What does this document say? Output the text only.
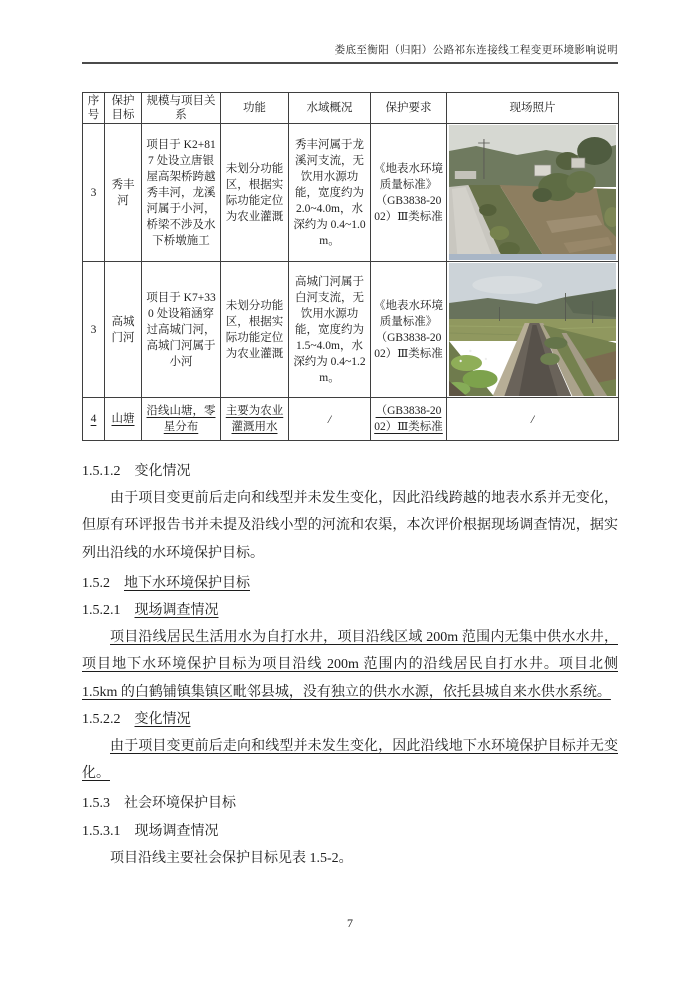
娄底至衡阳（归阳）公路祁东连接线工程变更环境影响说明
序号	保护目标	规模与项目关系	功能	水域概况	保护要求	现场照片
3	秀丰河	项目于 K2+817 处设立唐银屋高架桥跨越秀丰河，龙溪河属于小河，桥梁不涉及水下桥墩施工	未划分功能区，根据实际功能定位为农业灌溉	秀丰河属于龙溪河支流，无饮用水源功能，宽度约为 2.0~4.0m，水深约为 0.4~1.0m。	《地表水环境质量标准》（GB3838-2002）Ⅲ类标准	

3	高城门河	项目于 K7+330 处设箱涵穿过高城门河，高城门河属于小河	未划分功能区，根据实际功能定位为农业灌溉	高城门河属于白河支流，无饮用水源功能，宽度约为 1.5~4.0m，水深约为 0.4~1.2m。	《地表水环境质量标准》（GB3838-2002）Ⅲ类标准	

4	山塘	沿线山塘，零星分布	主要为农业灌溉用水	/	（GB3838-2002）Ⅲ类标准	/

1.5.1.2 变化情况

由于项目变更前后走向和线型并未发生变化，因此沿线跨越的地表水系并无变化，但原有环评报告书并未提及沿线小型的河流和农渠，本次评价根据现场调查情况，据实列出沿线的水环境保护目标。

1.5.2 地下水环境保护目标

1.5.2.1 现场调查情况

项目沿线居民生活用水为自打水井，项目沿线区域 200m 范围内无集中供水水井，项目地下水环境保护目标为项目沿线 200m 范围内的沿线居民自打水井。项目北侧 1.5km 的白鹤铺镇集镇区毗邻县城，没有独立的供水水源，依托县城自来水供水系统。

1.5.2.2 变化情况

由于项目变更前后走向和线型并未发生变化，因此沿线地下水环境保护目标并无变化。

1.5.3 社会环境保护目标

1.5.3.1 现场调查情况

项目沿线主要社会保护目标见表 1.5-2。

7
